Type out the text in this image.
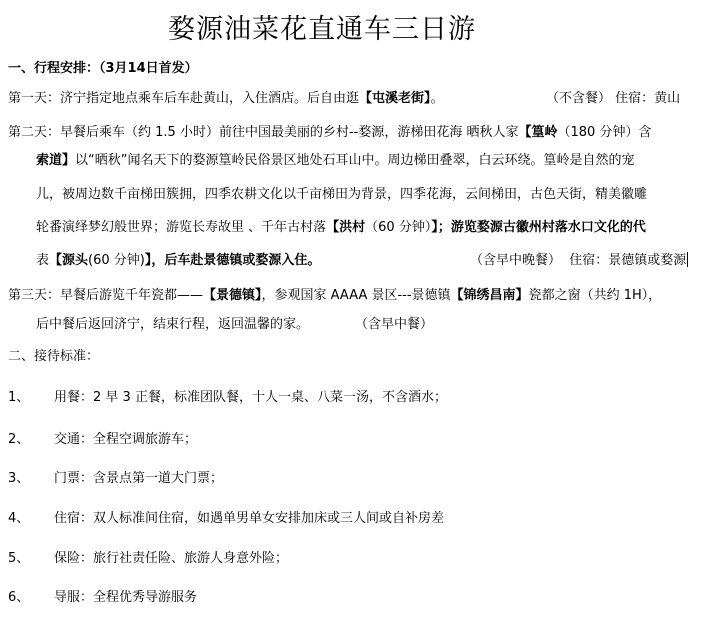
婺源油菜花直通车三日游
一、行程安排：（3月14日首发）
第一天：济宁指定地点乘车后车赴黄山，入住酒店。后自由逛【屯溪老街】。	（不含餐） 住宿：黄山
第二天：早餐后乘车（约 1.5 小时）前往中国最美丽的乡村--婺源，游梯田花海 晒秋人家【篁岭（180 分钟）含
索道】以“晒秋”闻名天下的婺源篁岭民俗景区地处石耳山中。周边梯田叠翠，白云环绕。篁岭是自然的宠
儿，被周边数千亩梯田簇拥，四季农耕文化以千亩梯田为背景，四季花海，云间梯田，古色天街，精美徽雕
轮番演绎梦幻般世界；游览长寿故里 、千年古村落【洪村（60 分钟）】；游览婺源古徽州村落水口文化的代
表【源头(60 分钟)】，后车赴景德镇或婺源入住。	（含早中晚餐） 住宿：景德镇或婺源
第三天：早餐后游览千年瓷都——【景德镇】，参观国家 AAAA 景区---景德镇【锦绣昌南】瓷都之窗（共约 1H），
后中餐后返回济宁，结束行程，返回温馨的家。	（含早中餐）
二、接待标准：
1、	用餐：2 早 3 正餐，标准团队餐，十人一桌、八菜一汤，不含酒水；
2、	交通：全程空调旅游车；
3、	门票：含景点第一道大门票；
4、	住宿：双人标准间住宿，如遇单男单女安排加床或三人间或自补房差
5、	保险：旅行社责任险、旅游人身意外险；
6、	导服：全程优秀导游服务
